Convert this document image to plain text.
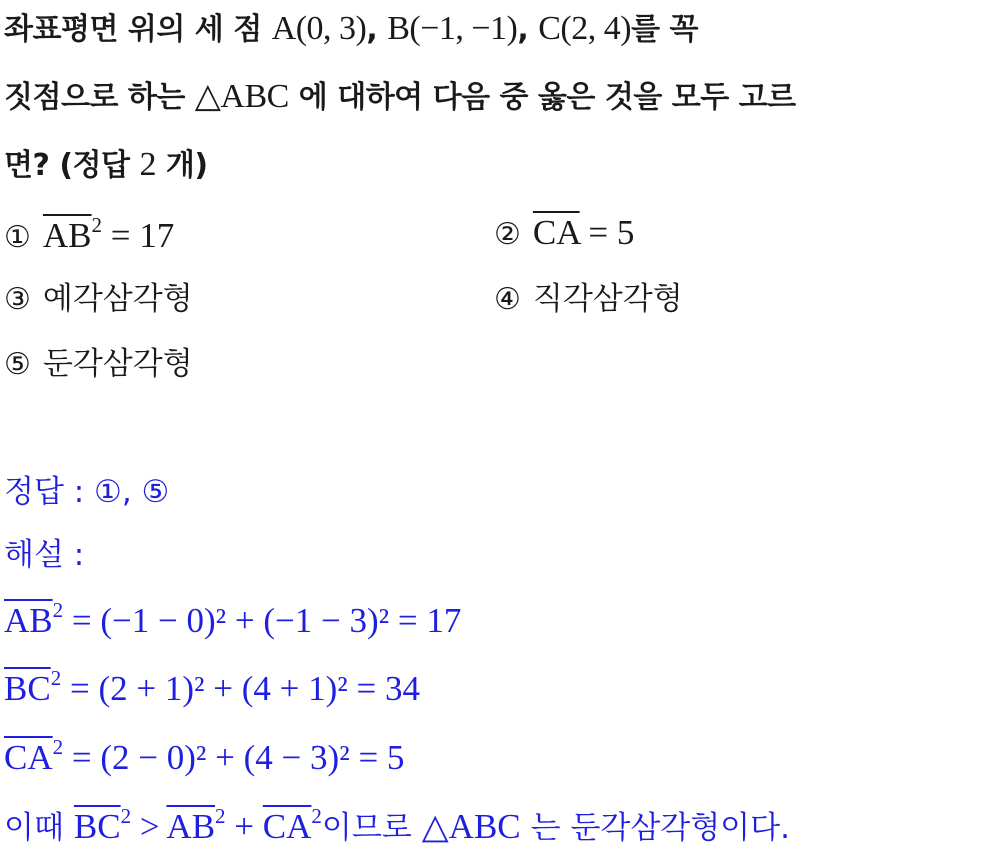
좌표평면 위의 세 점 A(0, 3), B(−1, −1), C(2, 4)를 꼭
짓점으로 하는 △ABC 에 대하여 다음 중 옳은 것을 모두 고르
면? (정답 2 개)
① $\overline{AB}^2 = 17$	② $\overline{CA} = 5$
③ 예각삼각형	④ 직각삼각형
⑤ 둔각삼각형
정답 : ①, ⑤
해설 :
$\overline{AB}^2 = (-1 - 0)^2 + (-1 - 3)^2 = 17$
$\overline{BC}^2 = (2 + 1)^2 + (4 + 1)^2 = 34$
$\overline{CA}^2 = (2 - 0)^2 + (4 - 3)^2 = 5$
이때 $\overline{BC}^2 > \overline{AB}^2 + \overline{CA}^2$이므로 △ABC 는 둔각삼각형이다.
